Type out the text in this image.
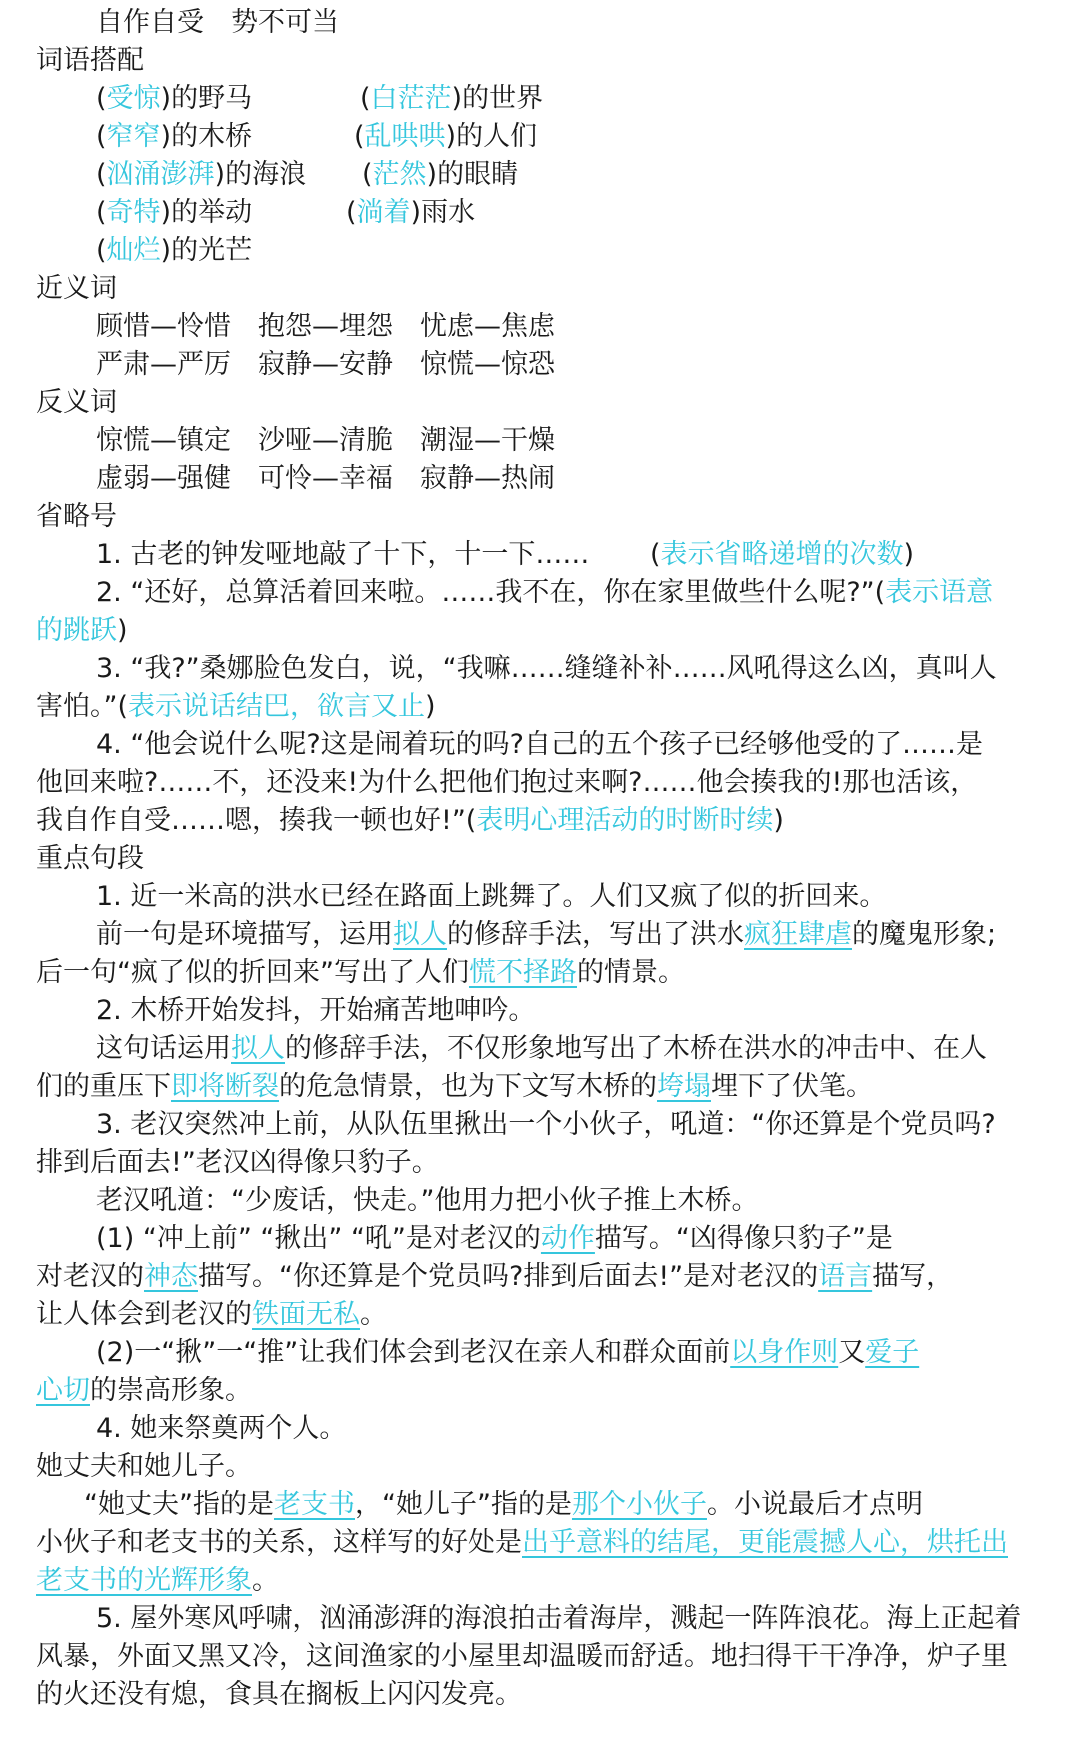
自作自受　势不可当
词语搭配
(受惊)的野马	(白茫茫)的世界
(窄窄)的木桥	(乱哄哄)的人们
(汹涌澎湃)的海浪 (茫然)的眼睛
(奇特)的举动	(淌着)雨水
(灿烂)的光芒
近义词
顾惜—怜惜　抱怨—埋怨　忧虑—焦虑
严肃—严厉　寂静—安静　惊慌—惊恐
反义词
惊慌—镇定　沙哑—清脆　潮湿—干燥
虚弱—强健　可怜—幸福　寂静—热闹
省略号
1. 古老的钟发哑地敲了十下，十一下…… (表示省略递增的次数)
2. “还好，总算活着回来啦。……我不在，你在家里做些什么呢?”(表示语意
的跳跃)
3. “我?”桑娜脸色发白，说，“我嘛……缝缝补补……风吼得这么凶，真叫人
害怕。”(表示说话结巴，欲言又止)
4. “他会说什么呢?这是闹着玩的吗?自己的五个孩子已经够他受的了……是
他回来啦?……不，还没来!为什么把他们抱过来啊?……他会揍我的!那也活该，
我自作自受……嗯，揍我一顿也好!”(表明心理活动的时断时续)
重点句段
1. 近一米高的洪水已经在路面上跳舞了。人们又疯了似的折回来。
前一句是环境描写，运用拟人的修辞手法，写出了洪水疯狂肆虐的魔鬼形象;
后一句“疯了似的折回来”写出了人们慌不择路的情景。
2. 木桥开始发抖，开始痛苦地呻吟。
这句话运用拟人的修辞手法，不仅形象地写出了木桥在洪水的冲击中、在人
们的重压下即将断裂的危急情景，也为下文写木桥的垮塌埋下了伏笔。
3. 老汉突然冲上前，从队伍里揪出一个小伙子，吼道：“你还算是个党员吗?
排到后面去!”老汉凶得像只豹子。
老汉吼道：“少废话，快走。”他用力把小伙子推上木桥。
(1) “冲上前” “揪出” “吼”是对老汉的动作描写。“凶得像只豹子”是
对老汉的神态描写。“你还算是个党员吗?排到后面去!”是对老汉的语言描写，
让人体会到老汉的铁面无私。
(2)一“揪”一“推”让我们体会到老汉在亲人和群众面前以身作则又爱子
心切的崇高形象。
4. 她来祭奠两个人。
她丈夫和她儿子。
“她丈夫”指的是老支书，“她儿子”指的是那个小伙子。小说最后才点明
小伙子和老支书的关系，这样写的好处是出乎意料的结尾，更能震撼人心，烘托出
老支书的光辉形象。
5. 屋外寒风呼啸，汹涌澎湃的海浪拍击着海岸，溅起一阵阵浪花。海上正起着
风暴，外面又黑又冷，这间渔家的小屋里却温暖而舒适。地扫得干干净净，炉子里
的火还没有熄，食具在搁板上闪闪发亮。
